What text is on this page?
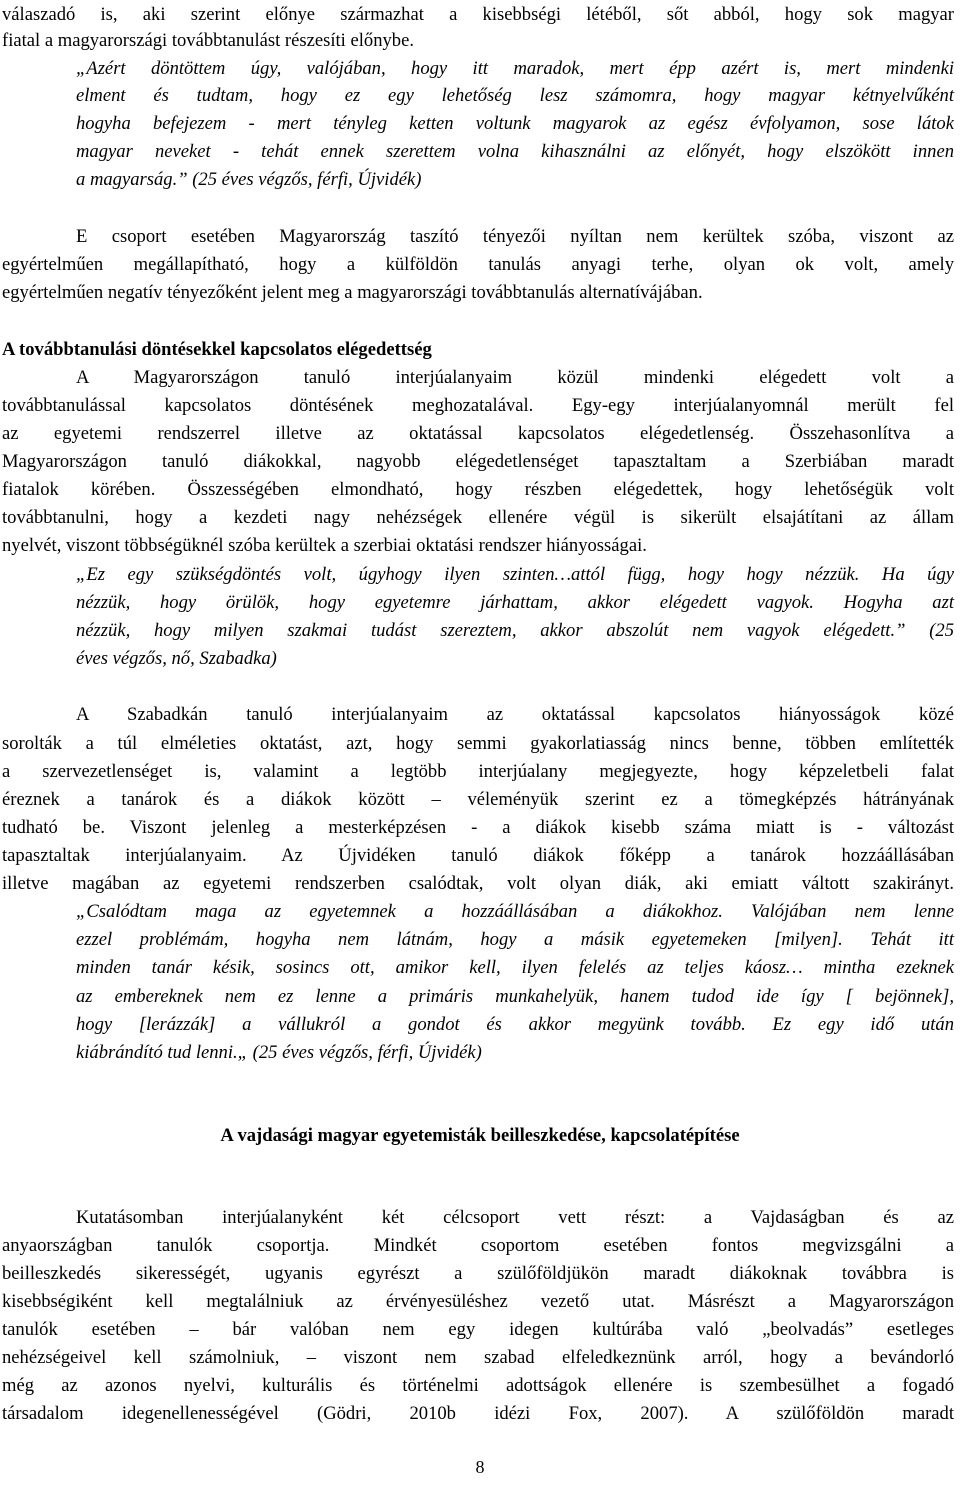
válaszadó is, aki szerint előnye származhat a kisebbségi létéből, sőt abból, hogy sok magyar
fiatal a magyarországi továbbtanulást részesíti előnybe.
„Azért döntöttem úgy, valójában, hogy itt maradok, mert épp azért is, mert mindenki
elment és tudtam, hogy ez egy lehetőség lesz számomra, hogy magyar kétnyelvűként
hogyha befejezem - mert tényleg ketten voltunk magyarok az egész évfolyamon, sose látok
magyar neveket - tehát ennek szerettem volna kihasználni az előnyét, hogy elszökött innen
a magyarság.” (25 éves végzős, férfi, Újvidék)
E csoport esetében Magyarország taszító tényezői nyíltan nem kerültek szóba, viszont az
egyértelműen megállapítható, hogy a külföldön tanulás anyagi terhe, olyan ok volt, amely
egyértelműen negatív tényezőként jelent meg a magyarországi továbbtanulás alternatívájában.
A továbbtanulási döntésekkel kapcsolatos elégedettség
A Magyarországon tanuló interjúalanyaim közül mindenki elégedett volt a
továbbtanulással kapcsolatos döntésének meghozatalával. Egy-egy interjúalanyomnál merült fel
az egyetemi rendszerrel illetve az oktatással kapcsolatos elégedetlenség. Összehasonlítva a
Magyarországon tanuló diákokkal, nagyobb elégedetlenséget tapasztaltam a Szerbiában maradt
fiatalok körében. Összességében elmondható, hogy részben elégedettek, hogy lehetőségük volt
továbbtanulni, hogy a kezdeti nagy nehézségek ellenére végül is sikerült elsajátítani az állam
nyelvét, viszont többségüknél szóba kerültek a szerbiai oktatási rendszer hiányosságai.
„Ez egy szükségdöntés volt, úgyhogy ilyen szinten…attól függ, hogy hogy nézzük. Ha úgy
nézzük, hogy örülök, hogy egyetemre járhattam, akkor elégedett vagyok. Hogyha azt
nézzük, hogy milyen szakmai tudást szereztem, akkor abszolút nem vagyok elégedett.” (25
éves végzős, nő, Szabadka)
A Szabadkán tanuló interjúalanyaim az oktatással kapcsolatos hiányosságok közé
sorolták a túl elméleties oktatást, azt, hogy semmi gyakorlatiasság nincs benne, többen említették
a szervezetlenséget is, valamint a legtöbb interjúalany megjegyezte, hogy képzeletbeli falat
éreznek a tanárok és a diákok között – véleményük szerint ez a tömegképzés hátrányának
tudható be. Viszont jelenleg a mesterképzésen - a diákok kisebb száma miatt is - változást
tapasztaltak interjúalanyaim. Az Újvidéken tanuló diákok főképp a tanárok hozzáállásában
illetve magában az egyetemi rendszerben csalódtak, volt olyan diák, aki emiatt váltott szakirányt.
„Csalódtam maga az egyetemnek a hozzáállásában a diákokhoz. Valójában nem lenne
ezzel problémám, hogyha nem látnám, hogy a másik egyetemeken [milyen]. Tehát itt
minden tanár késik, sosincs ott, amikor kell, ilyen felelés az teljes káosz… mintha ezeknek
az embereknek nem ez lenne a primáris munkahelyük, hanem tudod ide így [ bejönnek],
hogy [lerázzák] a vállukról a gondot és akkor megyünk tovább. Ez egy idő után
kiábrándító tud lenni.„ (25 éves végzős, férfi, Újvidék)
A vajdasági magyar egyetemisták beilleszkedése, kapcsolatépítése
Kutatásomban interjúalanyként két célcsoport vett részt: a Vajdaságban és az
anyaországban tanulók csoportja. Mindkét csoportom esetében fontos megvizsgálni a
beilleszkedés sikerességét, ugyanis egyrészt a szülőföldjükön maradt diákoknak továbbra is
kisebbségiként kell megtalálniuk az érvényesüléshez vezető utat. Másrészt a Magyarországon
tanulók esetében – bár valóban nem egy idegen kultúrába való „beolvadás” esetleges
nehézségeivel kell számolniuk, – viszont nem szabad elfeledkeznünk arról, hogy a bevándorló
még az azonos nyelvi, kulturális és történelmi adottságok ellenére is szembesülhet a fogadó
társadalom idegenellenességével (Gödri, 2010b idézi Fox, 2007). A szülőföldön maradt
8
